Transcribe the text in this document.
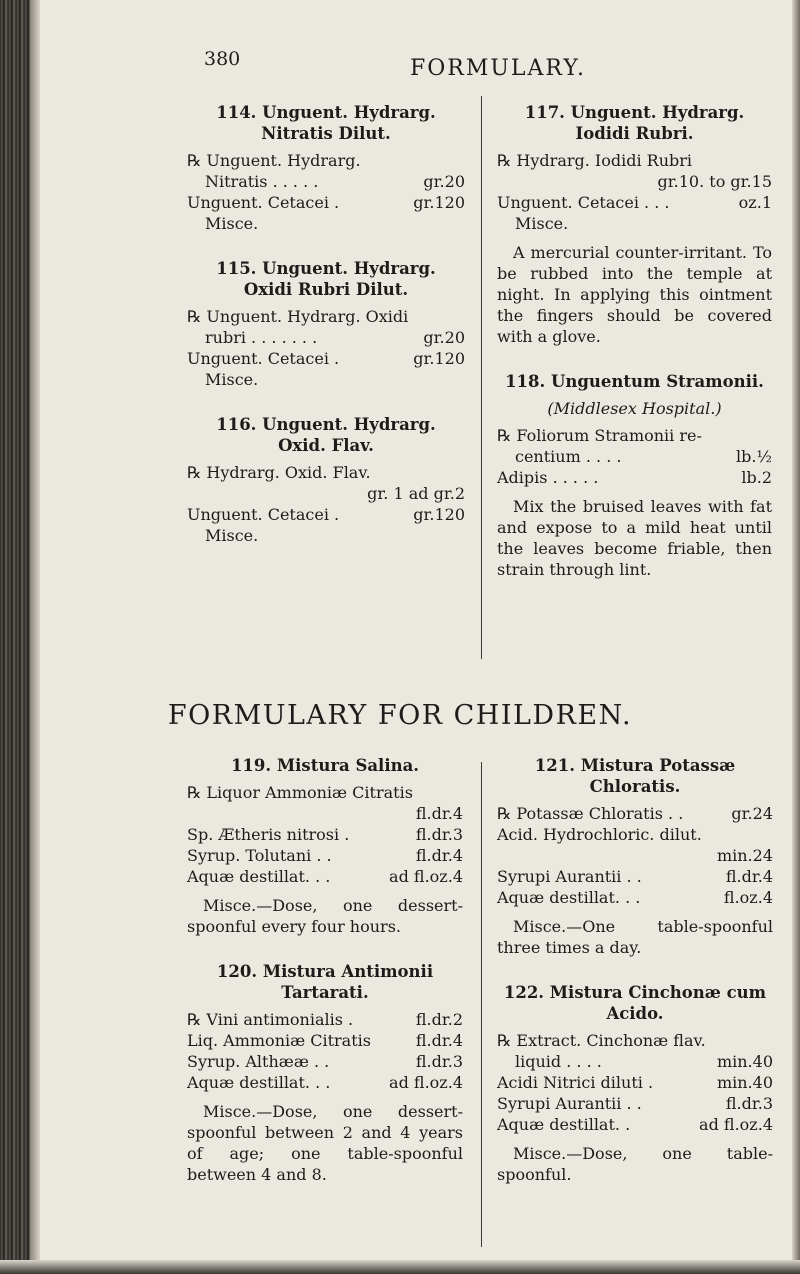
380	FORMULARY.
114. Unguent. Hydrarg.
Nitratis Dilut.
℞ Unguent. Hydrarg.
Nitratis . . . . .	gr.20
Unguent. Cetacei .	gr.120
Misce.
115. Unguent. Hydrarg.
Oxidi Rubri Dilut.
℞ Unguent. Hydrarg. Oxidi
rubri . . . . . . .	gr.20
Unguent. Cetacei .	gr.120
Misce.
116. Unguent. Hydrarg.
Oxid. Flav.
℞ Hydrarg. Oxid. Flav.
gr. 1 ad gr.2
Unguent. Cetacei .	gr.120
Misce.
117. Unguent. Hydrarg.
Iodidi Rubri.
℞ Hydrarg. Iodidi Rubri
gr.10. to gr.15
Unguent. Cetacei . . .	oz.1
Misce.
A mercurial counter-irritant. To be rubbed into the temple at night. In applying this ointment the fingers should be covered with a glove.
118. Unguentum Stramonii.
(Middlesex Hospital.)
℞ Foliorum Stramonii re-
centium . . . .	lb.½
Adipis . . . . .	lb.2
Mix the bruised leaves with fat and expose to a mild heat until the leaves become friable, then strain through lint.
FORMULARY FOR CHILDREN.
119. Mistura Salina.
℞ Liquor Ammoniæ Citratis
fl.dr.4
Sp. Ætheris nitrosi .	fl.dr.3
Syrup. Tolutani . .	fl.dr.4
Aquæ destillat. . .	ad fl.oz.4
Misce.—Dose, one dessert-spoonful every four hours.
120. Mistura Antimonii
Tartarati.
℞ Vini antimonialis .	fl.dr.2
Liq. Ammoniæ Citratis	fl.dr.4
Syrup. Althææ . .	fl.dr.3
Aquæ destillat. . .	ad fl.oz.4
Misce.—Dose, one dessert-spoonful between 2 and 4 years of age; one table-spoonful between 4 and 8.
121. Mistura Potassæ
Chloratis.
℞ Potassæ Chloratis . .	gr.24
Acid. Hydrochloric. dilut.
min.24
Syrupi Aurantii . .	fl.dr.4
Aquæ destillat. . .	fl.oz.4
Misce.—One table-spoonful three times a day.
122. Mistura Cinchonæ cum
Acido.
℞ Extract. Cinchonæ flav.
liquid . . . .	min.40
Acidi Nitrici diluti .	min.40
Syrupi Aurantii . .	fl.dr.3
Aquæ destillat. .	ad fl.oz.4
Misce.—Dose, one table-spoonful.
